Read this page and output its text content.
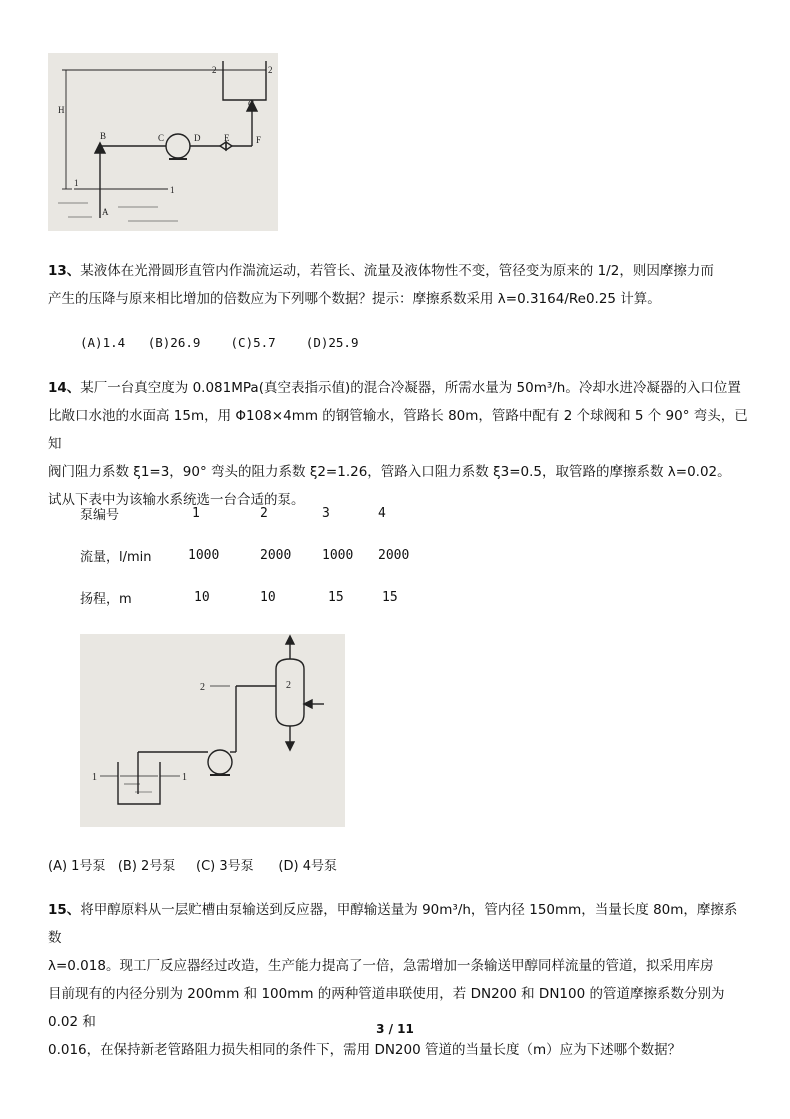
2	2
H
B	C	D	E	F
G
1
1
A
13、某液体在光滑圆形直管内作湍流运动，若管长、流量及液体物性不变，管径变为原来的 1/2，则因摩擦力而
产生的压降与原来相比增加的倍数应为下列哪个数据？提示：摩擦系数采用 λ=0.3164/Re0.25 计算。
(A)1.4 (B)26.9 (C)5.7 (D)25.9
14、某厂一台真空度为 0.081MPa(真空表指示值)的混合冷凝器，所需水量为 50m³/h。冷却水进冷凝器的入口位置
比敞口水池的水面高 15m，用 Φ108×4mm 的钢管输水，管路长 80m，管路中配有 2 个球阀和 5 个 90° 弯头，已知
阀门阻力系数 ξ1=3，90° 弯头的阻力系数 ξ2=1.26，管路入口阻力系数 ξ3=0.5，取管路的摩擦系数 λ=0.02。
试从下表中为该输水系统选一台合适的泵。
泵编号	1	2	3	4
流量，l/min	1000	2000	1000	2000
扬程，m	10	10	15	15
2	2
1	1
(A) 1号泵 (B) 2号泵 (C) 3号泵 (D) 4号泵
15、将甲醇原料从一层贮槽由泵输送到反应器，甲醇输送量为 90m³/h，管内径 150mm，当量长度 80m，摩擦系数
λ=0.018。现工厂反应器经过改造，生产能力提高了一倍，急需增加一条输送甲醇同样流量的管道，拟采用库房
目前现有的内径分别为 200mm 和 100mm 的两种管道串联使用，若 DN200 和 DN100 的管道摩擦系数分别为 0.02 和
0.016，在保持新老管路阻力损失相同的条件下，需用 DN200 管道的当量长度（m）应为下述哪个数据？
3 / 11
